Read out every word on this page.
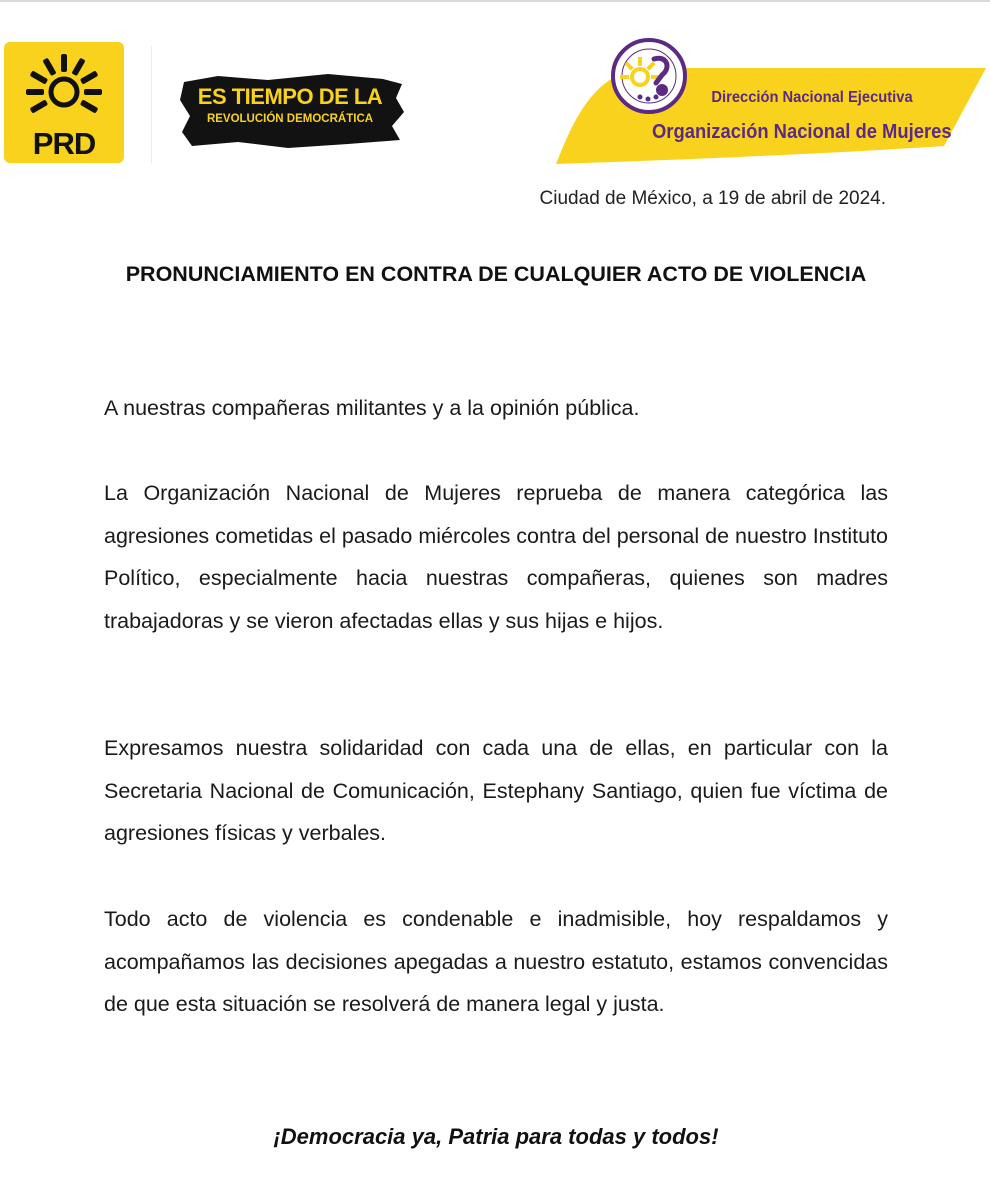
PRD
ES TIEMPO DE LA
REVOLUCIÓN DEMOCRÁTICA
Dirección Nacional Ejecutiva
Organización Nacional de Mujeres
Ciudad de México, a 19 de abril de 2024.
PRONUNCIAMIENTO EN CONTRA DE CUALQUIER ACTO DE VIOLENCIA
A nuestras compañeras militantes y a la opinión pública.
La Organización Nacional de Mujeres reprueba de manera categórica las agresiones cometidas el pasado miércoles contra del personal de nuestro Instituto Político, especialmente hacia nuestras compañeras, quienes son madres trabajadoras y se vieron afectadas ellas y sus hijas e hijos.
Expresamos nuestra solidaridad con cada una de ellas, en particular con la Secretaria Nacional de Comunicación, Estephany Santiago, quien fue víctima de agresiones físicas y verbales.
Todo acto de violencia es condenable e inadmisible, hoy respaldamos y acompañamos las decisiones apegadas a nuestro estatuto, estamos convencidas de que esta situación se resolverá de manera legal y justa.
¡Democracia ya, Patria para todas y todos!
